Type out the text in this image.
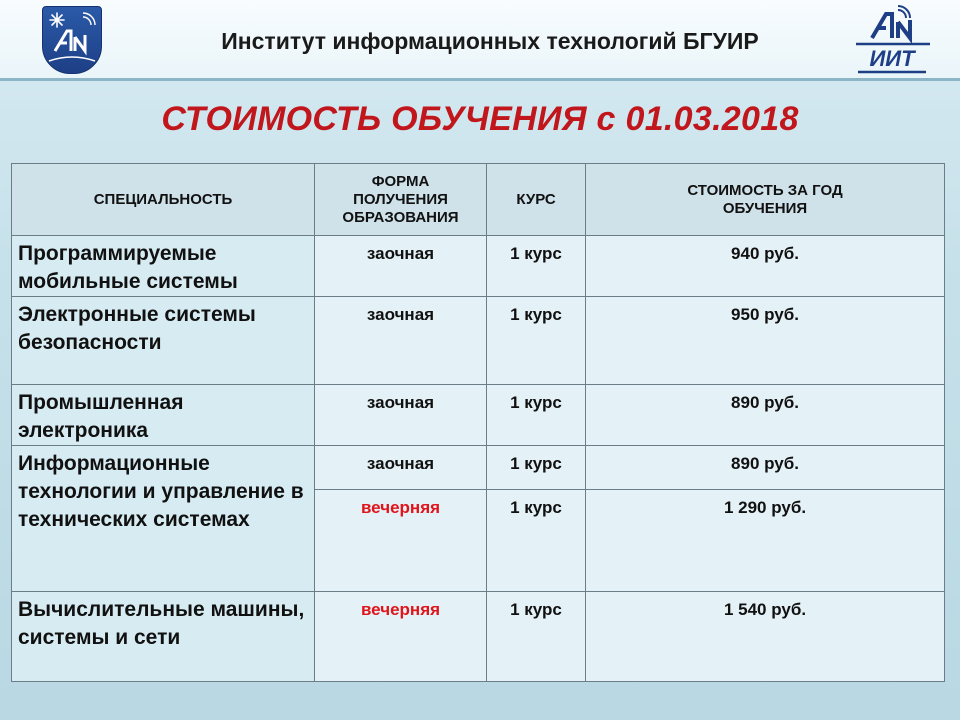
Институт информационных технологий БГУИР
ИИТ
СТОИМОСТЬ ОБУЧЕНИЯ с 01.03.2018
СПЕЦИАЛЬНОСТЬ	ФОРМА ПОЛУЧЕНИЯ ОБРАЗОВАНИЯ	КУРС	СТОИМОСТЬ ЗА ГОД ОБУЧЕНИЯ
Программируемые мобильные системы	заочная	1 курс	940 руб.
Электронные системы безопасности	заочная	1 курс	950 руб.
Промышленная электроника	заочная	1 курс	890 руб.
Информационные технологии и управление в технических системах	заочная	1 курс	890 руб.
	вечерняя	1 курс	1 290 руб.
Вычислительные машины, системы и сети	вечерняя	1 курс	1 540 руб.
